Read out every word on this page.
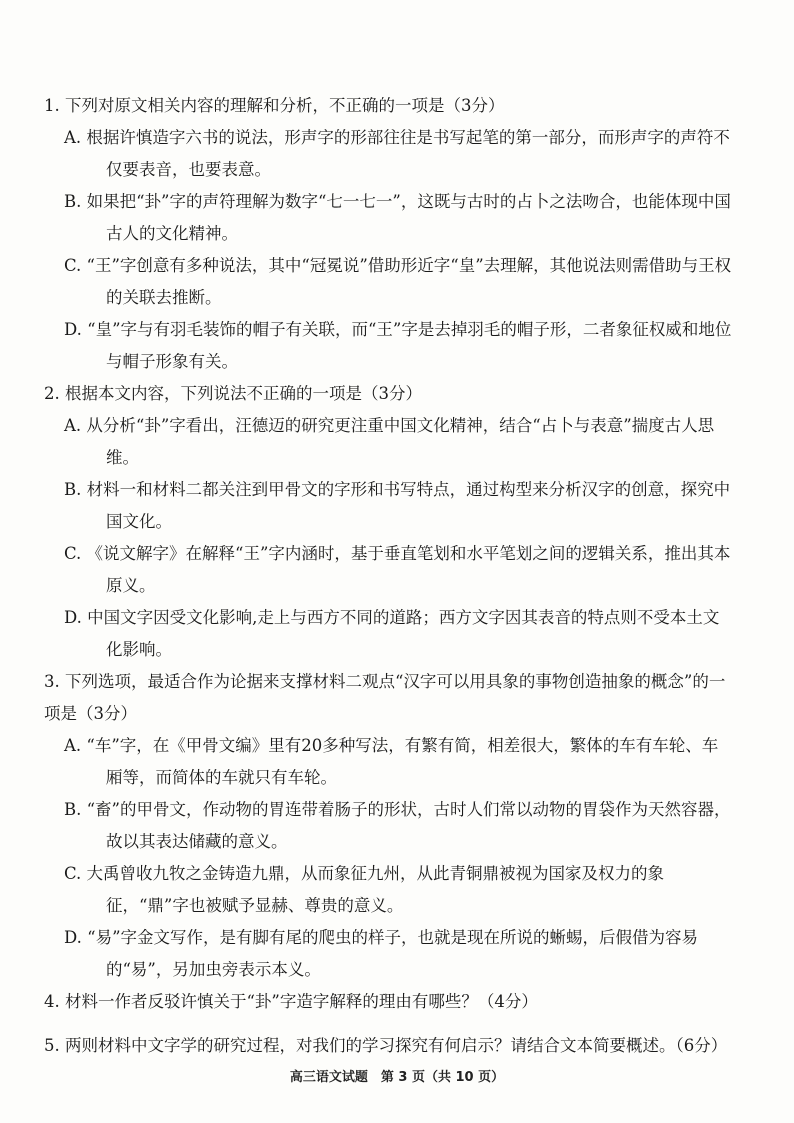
1. 下列对原文相关内容的理解和分析，不正确的一项是（3分）

A. 根据许慎造字六书的说法，形声字的形部往往是书写起笔的第一部分，而形声字的声符不仅要表音，也要表意。

B. 如果把“卦”字的声符理解为数字“七一七一”，这既与古时的占卜之法吻合，也能体现中国古人的文化精神。

C. “王”字创意有多种说法，其中“冠冕说”借助形近字“皇”去理解，其他说法则需借助与王权的关联去推断。

D. “皇”字与有羽毛装饰的帽子有关联，而“王”字是去掉羽毛的帽子形，二者象征权威和地位与帽子形象有关。

2. 根据本文内容，下列说法不正确的一项是（3分）

A. 从分析“卦”字看出，汪德迈的研究更注重中国文化精神，结合“占卜与表意”揣度古人思维。

B. 材料一和材料二都关注到甲骨文的字形和书写特点，通过构型来分析汉字的创意，探究中国文化。

C. 《说文解字》在解释“王”字内涵时，基于垂直笔划和水平笔划之间的逻辑关系，推出其本原义。

D. 中国文字因受文化影响,走上与西方不同的道路；西方文字因其表音的特点则不受本土文化影响。

3. 下列选项，最适合作为论据来支撑材料二观点“汉字可以用具象的事物创造抽象的概念”的一项是（3分）

A. “车”字，在《甲骨文编》里有20多种写法，有繁有简，相差很大，繁体的车有车轮、车厢等，而简体的车就只有车轮。

B. “畜”的甲骨文，作动物的胃连带着肠子的形状，古时人们常以动物的胃袋作为天然容器，故以其表达储藏的意义。

C. 大禹曾收九牧之金铸造九鼎，从而象征九州，从此青铜鼎被视为国家及权力的象征，“鼎”字也被赋予显赫、尊贵的意义。

D. “易”字金文写作，是有脚有尾的爬虫的样子，也就是现在所说的蜥蜴，后假借为容易的“易”，另加虫旁表示本义。

4. 材料一作者反驳许慎关于“卦”字造字解释的理由有哪些？（4分）

5. 两则材料中文字学的研究过程，对我们的学习探究有何启示？请结合文本简要概述。（6分）

高三语文试题　第 3 页（共 10 页）
